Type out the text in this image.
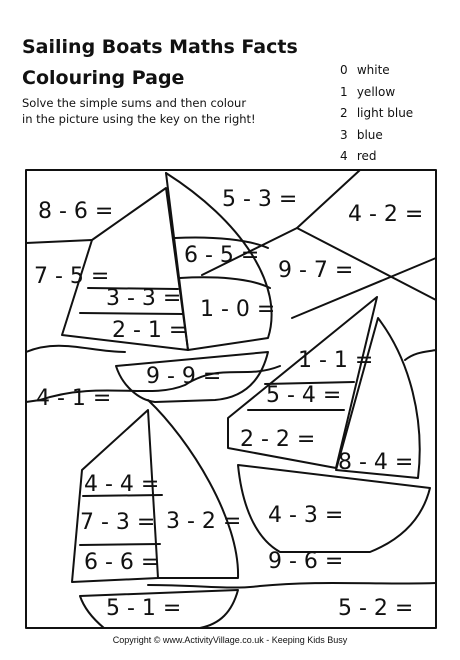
Sailing Boats Maths Facts
Colouring Page
Solve the simple sums and then colour
in the picture using the key on the right!
0 white
1 yellow
2 light blue
3 blue
4 red
8 - 6 =	5 - 3 =
4 - 2 =
6 - 5 =
7 - 5 =	9 - 7 =
3 - 3 = 1 - 0 =
2 - 1 =
9 - 9 =
1 - 1 =
4 - 1 =	5 - 4 =
2 - 2 =
8 - 4 =
4 - 4 =
7 - 3 = 3 - 2 = 4 - 3 =
6 - 6 =	9 - 6 =
5 - 1 =	5 - 2 =
Copyright © www.ActivityVillage.co.uk - Keeping Kids Busy
